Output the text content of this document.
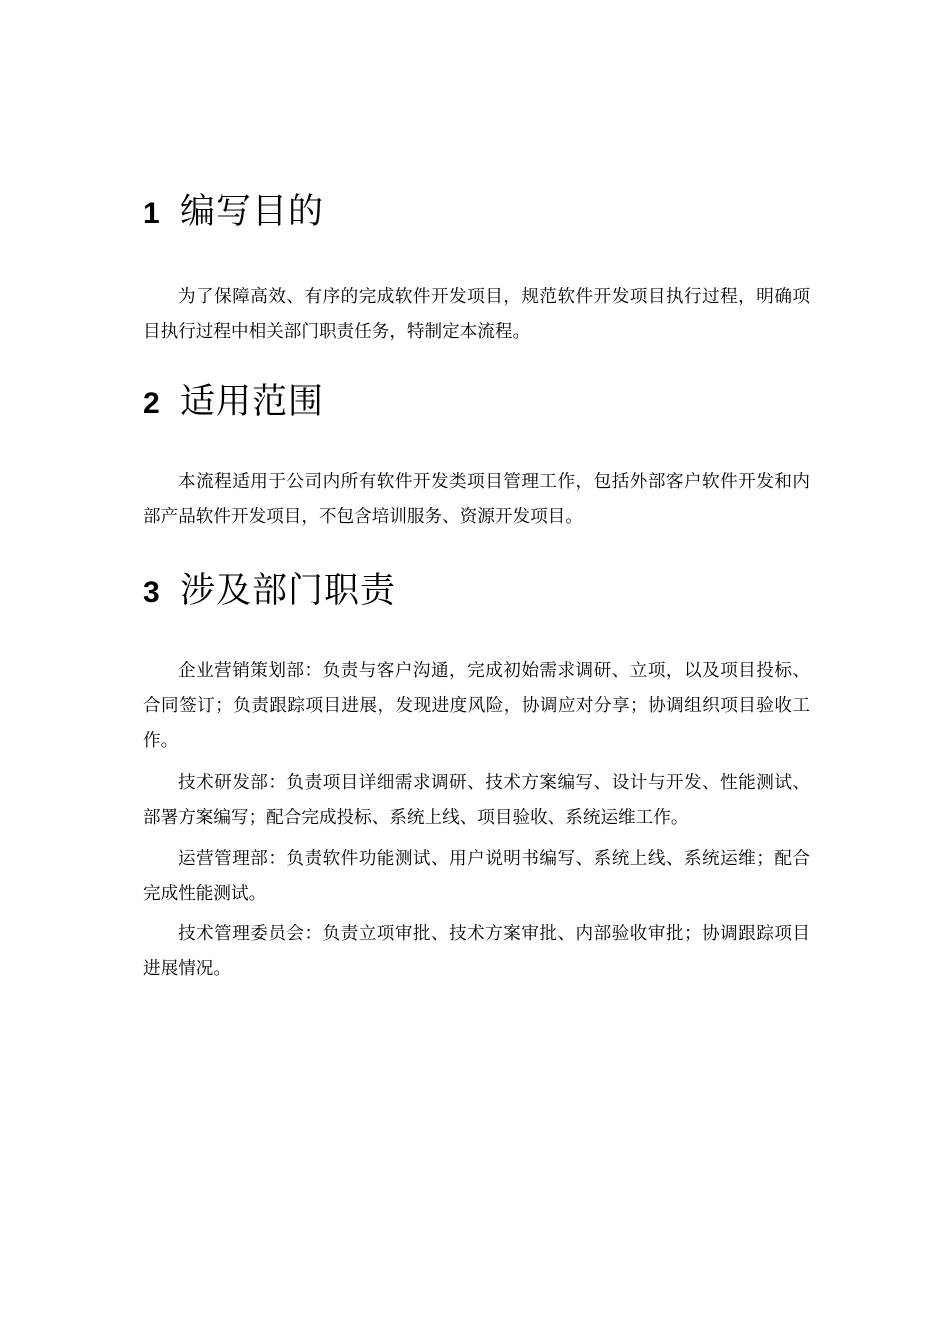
1 编写目的

为了保障高效、有序的完成软件开发项目，规范软件开发项目执行过程，明确项目执行过程中相关部门职责任务，特制定本流程。

2 适用范围

本流程适用于公司内所有软件开发类项目管理工作，包括外部客户软件开发和内部产品软件开发项目，不包含培训服务、资源开发项目。

3 涉及部门职责

企业营销策划部：负责与客户沟通，完成初始需求调研、立项，以及项目投标、合同签订；负责跟踪项目进展，发现进度风险，协调应对分享；协调组织项目验收工作。

技术研发部：负责项目详细需求调研、技术方案编写、设计与开发、性能测试、部署方案编写；配合完成投标、系统上线、项目验收、系统运维工作。

运营管理部：负责软件功能测试、用户说明书编写、系统上线、系统运维；配合完成性能测试。

技术管理委员会：负责立项审批、技术方案审批、内部验收审批；协调跟踪项目进展情况。
